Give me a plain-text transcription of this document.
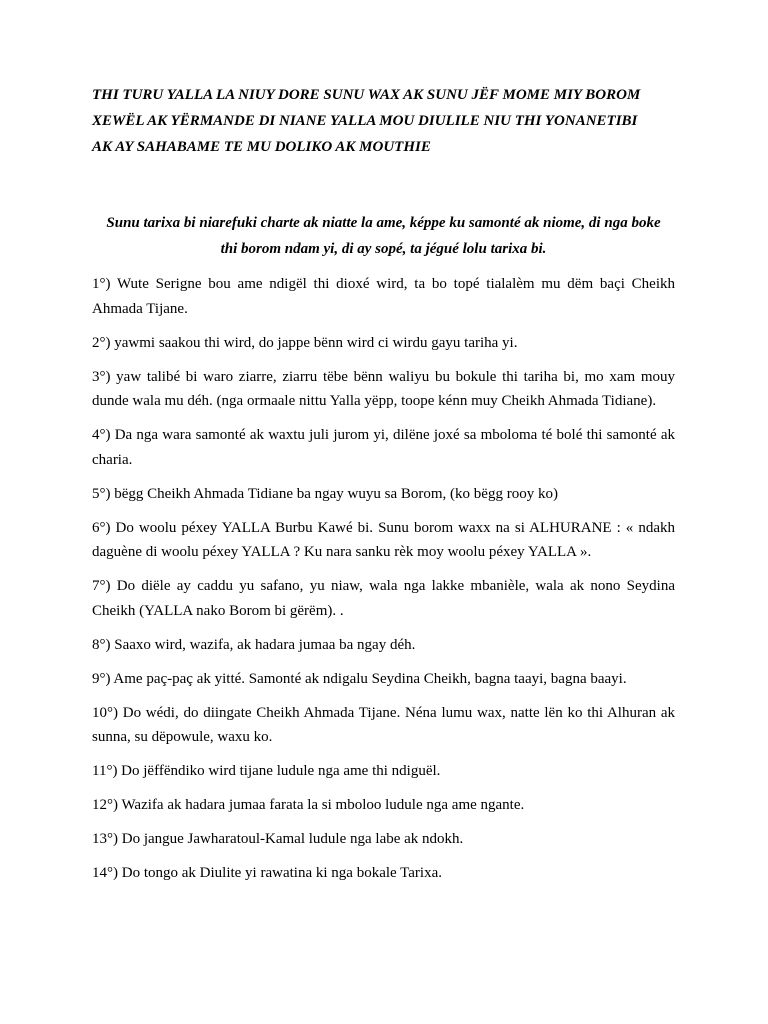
THI TURU YALLA LA NIUY DORE SUNU WAX AK SUNU JËF MOME MIY BOROM
XEWËL AK YËRMANDE DI NIANE YALLA MOU DIULILE NIU THI YONANETIBI
AK AY SAHABAME TE MU DOLIKO AK MOUTHIE
Sunu tarixa bi niarefuki charte ak niatte la ame, képpe ku samonté ak niome, di nga boke
thi borom ndam yi, di ay sopé, ta jégué lolu tarixa bi.
1°) Wute Serigne bou ame ndigël thi dioxé wird, ta bo topé tialalèm mu dëm baçi Cheikh Ahmada Tijane.
2°) yawmi saakou thi wird, do jappe bënn wird ci wirdu gayu tariha yi.
3°) yaw talibé bi waro ziarre, ziarru tëbe bënn waliyu bu bokule thi tariha bi, mo xam mouy dunde wala mu déh. (nga ormaale nittu Yalla yëpp, toope kénn muy Cheikh Ahmada Tidiane).
4°) Da nga wara samonté ak waxtu juli jurom yi, dilëne joxé sa mboloma té bolé thi samonté ak charia.
5°) bëgg Cheikh Ahmada Tidiane ba ngay wuyu sa Borom, (ko bëgg rooy ko)
6°) Do woolu péxey YALLA Burbu Kawé bi. Sunu borom waxx na si ALHURANE : « ndakh daguène di woolu péxey YALLA ? Ku nara sanku rèk moy woolu péxey YALLA ».
7°) Do diële ay caddu yu safano, yu niaw, wala nga lakke mbanièle, wala ak nono Seydina Cheikh (YALLA nako Borom bi gërëm). .
8°) Saaxo wird, wazifa, ak hadara jumaa ba ngay déh.
9°) Ame paç-paç ak yitté. Samonté ak ndigalu Seydina Cheikh, bagna taayi, bagna baayi.
10°) Do wédi, do diingate Cheikh Ahmada Tijane. Néna lumu wax, natte lën ko thi Alhuran ak sunna, su dëpowule, waxu ko.
11°) Do jëffëndiko wird tijane ludule nga ame thi ndiguël.
12°) Wazifa ak hadara jumaa farata la si mboloo ludule nga ame ngante.
13°) Do jangue Jawharatoul-Kamal ludule nga labe ak ndokh.
14°) Do tongo ak Diulite yi rawatina ki nga bokale Tarixa.
